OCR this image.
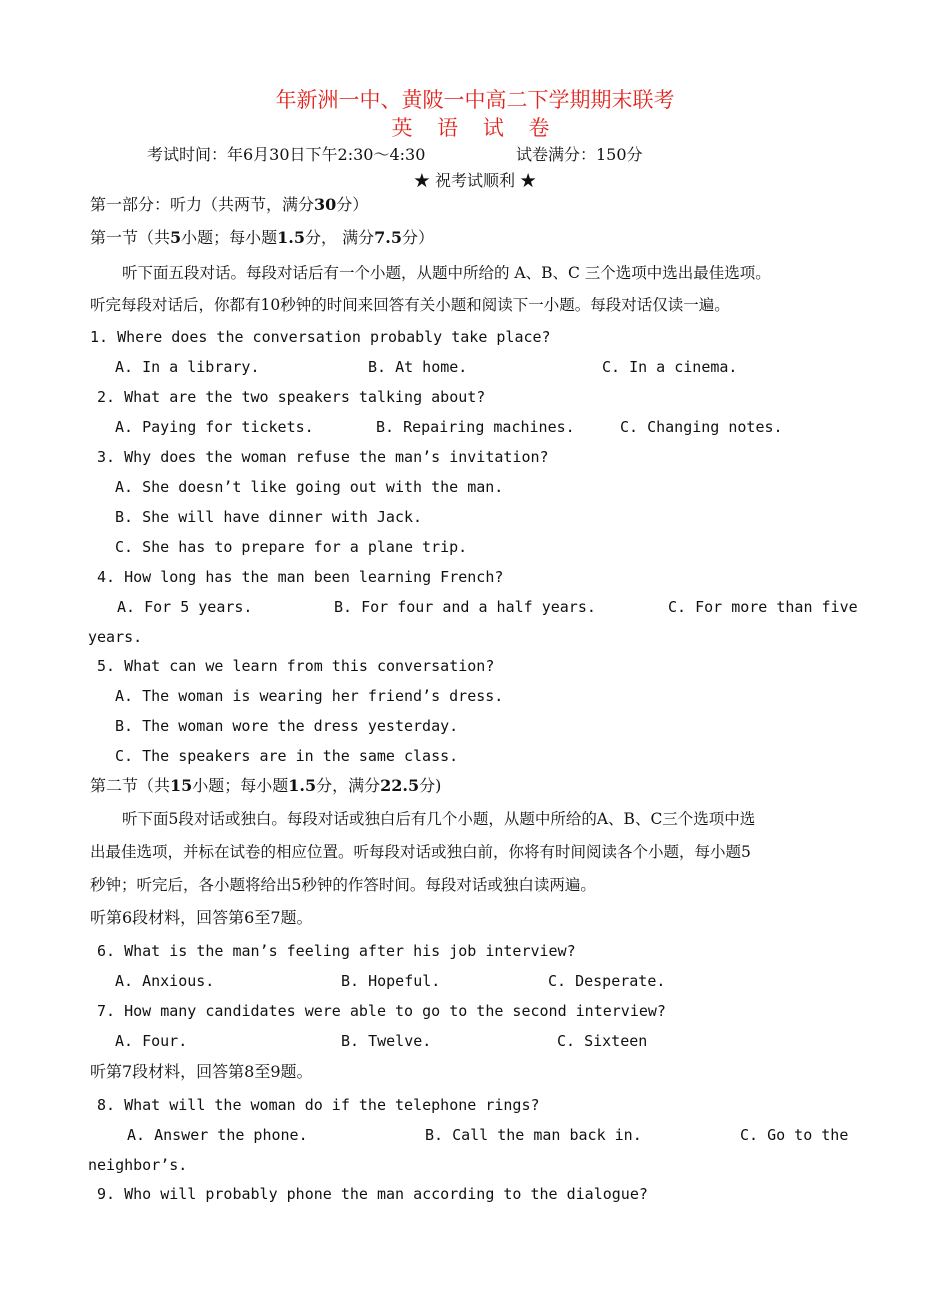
年新洲一中、黄陂一中高二下学期期末联考
英 语 试 卷
考试时间：年6月30日下午2:30～4:30	试卷满分：150分
★ 祝考试顺利 ★
第一部分：听力（共两节，满分30分）
第一节（共5小题；每小题1.5分， 满分7.5分）
听下面五段对话。每段对话后有一个小题，从题中所给的 A、B、C 三个选项中选出最佳选项。
听完每段对话后，你都有10秒钟的时间来回答有关小题和阅读下一小题。每段对话仅读一遍。
1. Where does the conversation probably take place?
A. In a library.	B. At home.	C. In a cinema.
2. What are the two speakers talking about?
A. Paying for tickets.	B. Repairing machines.	C. Changing notes.
3. Why does the woman refuse the man’s invitation?
A. She doesn’t like going out with the man.
B. She will have dinner with Jack.
C. She has to prepare for a plane trip.
4. How long has the man been learning French?
A. For 5 years.	B. For four and a half years.	C. For more than five
years.
5. What can we learn from this conversation?
A. The woman is wearing her friend’s dress.
B. The woman wore the dress yesterday.
C. The speakers are in the same class.
第二节（共15小题；每小题1.5分，满分22.5分)
听下面5段对话或独白。每段对话或独白后有几个小题，从题中所给的A、B、C三个选项中选
出最佳选项，并标在试卷的相应位置。听每段对话或独白前，你将有时间阅读各个小题，每小题5
秒钟；听完后，各小题将给出5秒钟的作答时间。每段对话或独白读两遍。
听第6段材料，回答第6至7题。
6. What is the man’s feeling after his job interview?
A. Anxious.	B. Hopeful.	C. Desperate.
7. How many candidates were able to go to the second interview?
A. Four.	B. Twelve.	C. Sixteen
听第7段材料，回答第8至9题。
8. What will the woman do if the telephone rings?
A. Answer the phone.	B. Call the man back in.	C. Go to the
neighbor’s.
9. Who will probably phone the man according to the dialogue?
